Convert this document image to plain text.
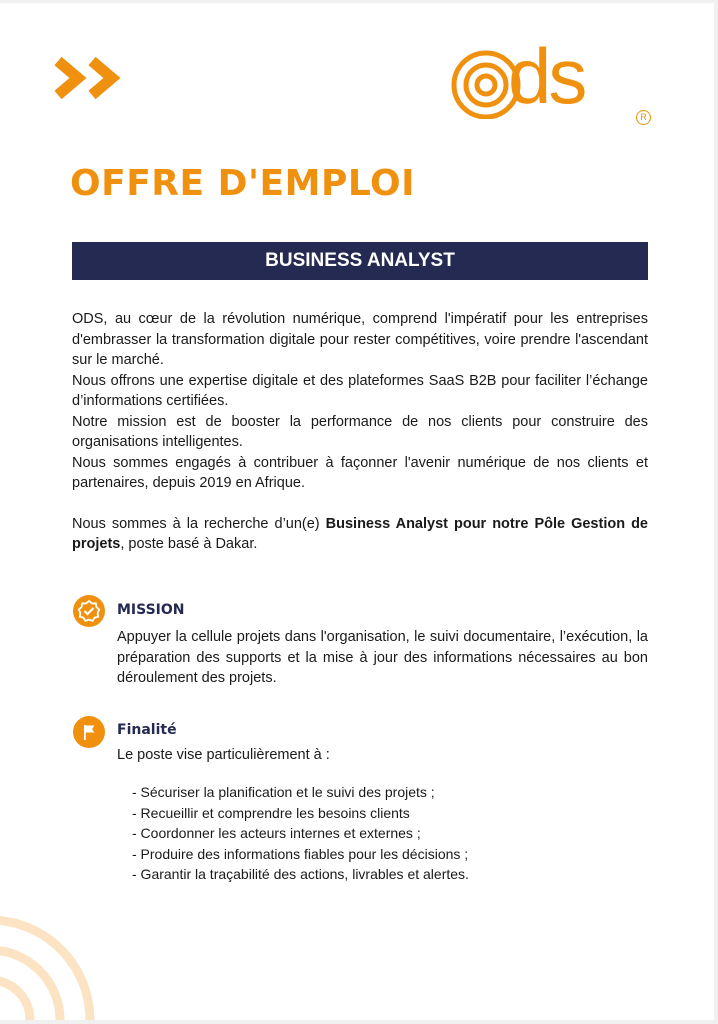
ds	R
OFFRE D'EMPLOI
BUSINESS ANALYST

ODS, au cœur de la révolution numérique, comprend l'impératif pour les entreprises d'embrasser la transformation digitale pour rester compétitives, voire prendre l'ascendant sur le marché.

Nous offrons une expertise digitale et des plateformes SaaS B2B pour faciliter l’échange d’informations certifiées.

Notre mission est de booster la performance de nos clients pour construire des organisations intelligentes.

Nous sommes engagés à contribuer à façonner l'avenir numérique de nos clients et partenaires, depuis 2019 en Afrique.

Nous sommes à la recherche d’un(e) Business Analyst pour notre Pôle Gestion de projets, poste basé à Dakar.

MISSION
Appuyer la cellule projets dans l'organisation, le suivi documentaire, l’exécution, la préparation des supports et la mise à jour des informations nécessaires au bon déroulement des projets.
Finalité
Le poste vise particulièrement à :
- Sécuriser la planification et le suivi des projets ;
- Recueillir et comprendre les besoins clients
- Coordonner les acteurs internes et externes ;
- Produire des informations fiables pour les décisions ;
- Garantir la traçabilité des actions, livrables et alertes.
